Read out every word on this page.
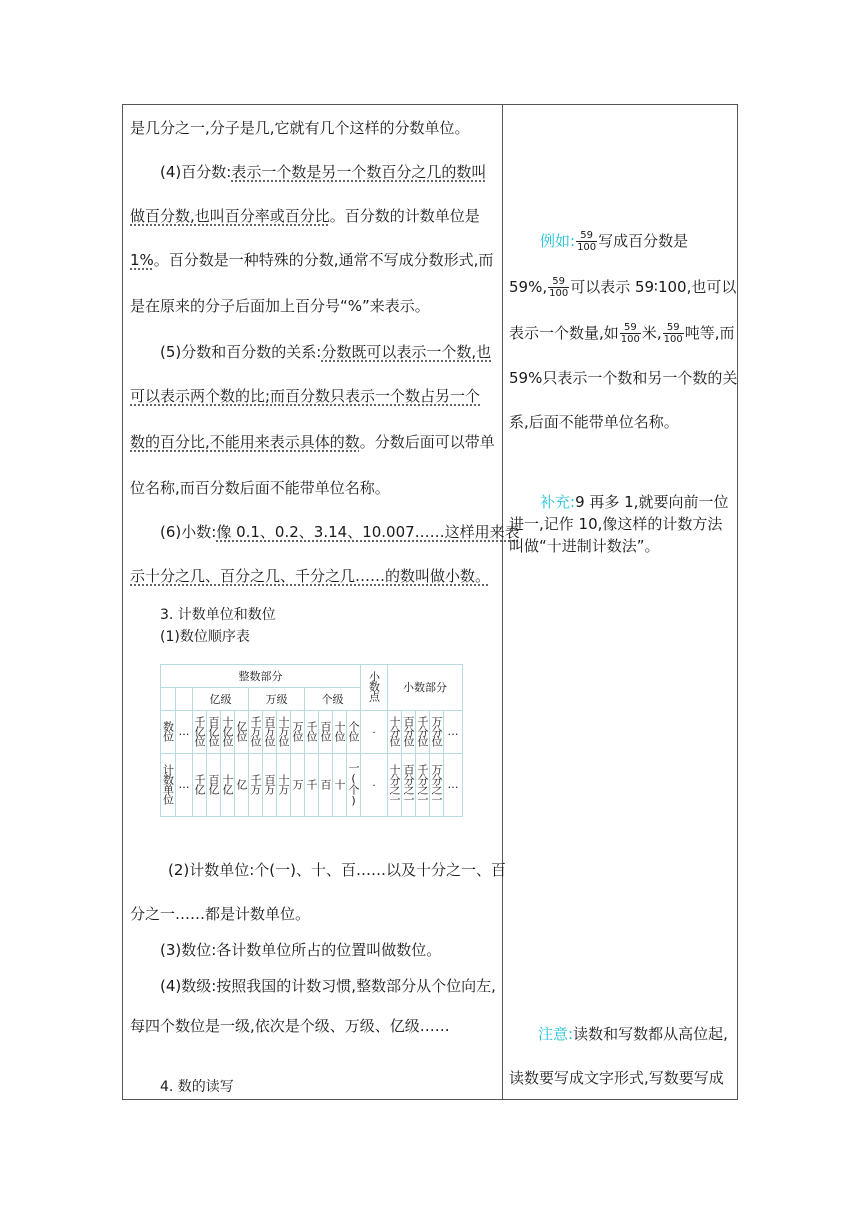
是几分之一,分子是几,它就有几个这样的分数单位。
(4)百分数:表示一个数是另一个数百分之几的数叫
做百分数,也叫百分率或百分比。百分数的计数单位是
1%。百分数是一种特殊的分数,通常不写成分数形式,而
是在原来的分子后面加上百分号“%”来表示。
(5)分数和百分数的关系:分数既可以表示一个数,也
可以表示两个数的比;而百分数只表示一个数占另一个
数的百分比,不能用来表示具体的数。分数后面可以带单
位名称,而百分数后面不能带单位名称。
(6)小数:像 0.1、0.2、3.14、10.007……这样用来表
示十分之几、百分之几、千分之几……的数叫做小数。
3. 计数单位和数位
(1)数位顺序表
整数部分														小数点	小数部分				
		亿级				万级				个级									
数位	…	千亿位	百亿位	十亿位	亿位	千万位	百万位	十万位	万位	千位	百位	十位	个位	·	十分位	百分位	千分位	万分位	…
计数单位	…	千亿	百亿	十亿	亿	千万	百万	十万	万	千	百	十	一(个)	·	十分之一	百分之一	千分之一	万分之一	…
(2)计数单位:个(一)、十、百……以及十分之一、百
分之一……都是计数单位。
(3)数位:各计数单位所占的位置叫做数位。
(4)数级:按照我国的计数习惯,整数部分从个位向左,
每四个数位是一级,依次是个级、万级、亿级……
4. 数的读写
例如: $\frac{59}{100}$ 写成百分数是
59%, $\frac{59}{100}$ 可以表示 59∶100,也可以
表示一个数量,如 $\frac{59}{100}$ 米, $\frac{59}{100}$ 吨等,而
59%只表示一个数和另一个数的关
系,后面不能带单位名称。
补充:9 再多 1,就要向前一位
进一,记作 10,像这样的计数方法
叫做“十进制计数法”。
注意:读数和写数都从高位起,
读数要写成文字形式,写数要写成
